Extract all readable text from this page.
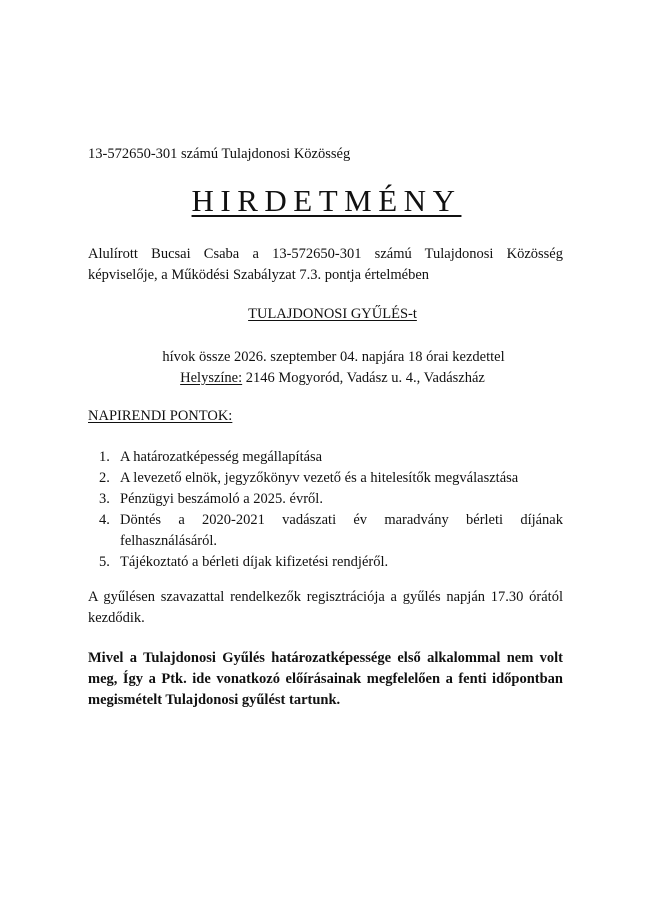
13-572650-301 számú Tulajdonosi Közösség
HIRDETMÉNY

Alulírott Bucsai Csaba a 13-572650-301 számú Tulajdonosi Közösség

képviselője, a Működési Szabályzat 7.3. pontja értelmében

TULAJDONOSI GYŰLÉS-t
hívok össze 2026. szeptember 04. napjára 18 órai kezdettel
Helyszíne: 2146 Mogyoród, Vadász u. 4., Vadászház
NAPIRENDI PONTOK:
1. A határozatképesség megállapítása
2. A levezető elnök, jegyzőkönyv vezető és a hitelesítők megválasztása
3. Pénzügyi beszámoló a 2025. évről.
4. Döntés a 2020-2021 vadászati év maradvány bérleti díjának
felhasználásáról.
5. Tájékoztató a bérleti díjak kifizetési rendjéről.
A gyűlésen szavazattal rendelkezők regisztrációja a gyűlés napján 17.30 órától
kezdődik.
Mivel a Tulajdonosi Gyűlés határozatképessége első alkalommal nem volt
meg, Így a Ptk. ide vonatkozó előírásainak megfelelően a fenti időpontban
megismételt Tulajdonosi gyűlést tartunk.
